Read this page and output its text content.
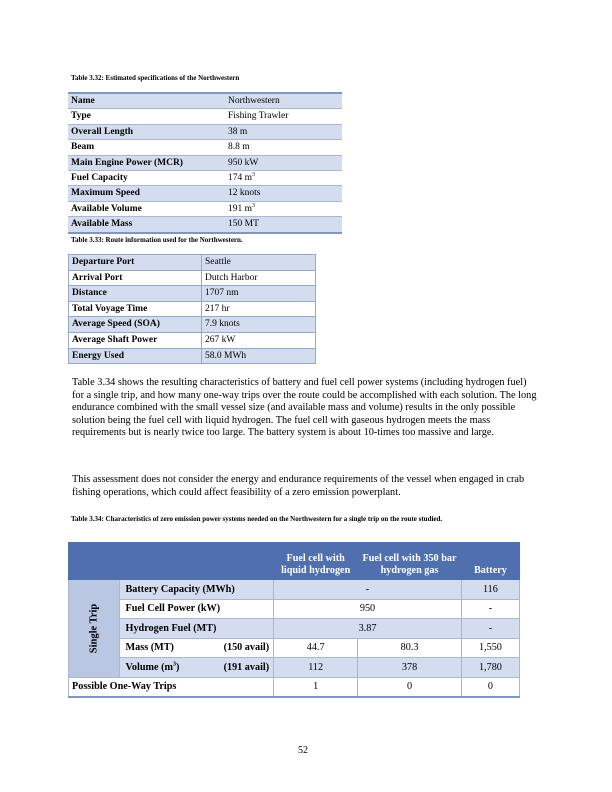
Table 3.32: Estimated specifications of the Northwestern
Name	Northwestern
Type	Fishing Trawler
Overall Length	38 m
Beam	8.8 m
Main Engine Power (MCR)	950 kW
Fuel Capacity	174 $m^3$
Maximum Speed	12 knots
Available Volume	191 $m^3$
Available Mass	150 MT
Table 3.33: Route information used for the Northwestern.
Departure Port	Seattle
Arrival Port	Dutch Harbor
Distance	1707 nm
Total Voyage Time	217 hr
Average Speed (SOA)	7.9 knots
Average Shaft Power	267 kW
Energy Used	58.0 MWh

Table 3.34 shows the resulting characteristics of battery and fuel cell power systems (including hydrogen fuel) for a single trip, and how many one-way trips over the route could be accomplished with each solution. The long endurance combined with the small vessel size (and available mass and volume) results in the only possible solution being the fuel cell with liquid hydrogen. The fuel cell with gaseous hydrogen meets the mass requirements but is nearly twice too large. The battery system is about 10-times too massive and large.

This assessment does not consider the energy and endurance requirements of the vessel when engaged in crab fishing operations, which could affect feasibility of a zero emission powerplant.

Table 3.34: Characteristics of zero emission power systems needed on the Northwestern for a single trip on the route studied.
		Fuel cell with liquid hydrogen	Fuel cell with 350 bar hydrogen gas	Battery
Single Trip	Battery Capacity (MWh)	-		116
	Fuel Cell Power (kW)	950		-
	Hydrogen Fuel (MT)	3.87		-
	Mass (MT) (150 avail)	44.7	80.3	1,550
	Volume $(m^3)$ (191 avail)	112	378	1,780
Possible One-Way Trips		1	0	0
52
